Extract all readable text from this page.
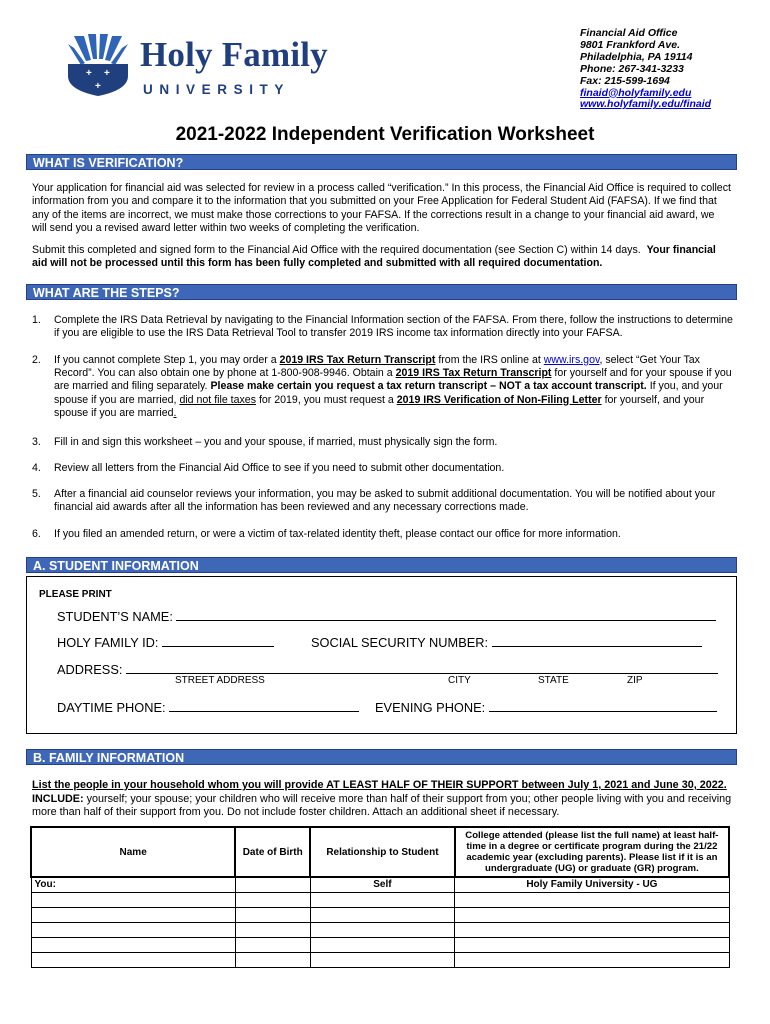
+ +
+
Holy Family
UNIVERSITY
Financial Aid Office
9801 Frankford Ave.
Philadelphia, PA 19114
Phone: 267-341-3233
Fax: 215-599-1694
finaid@holyfamily.edu
www.holyfamily.edu/finaid
2021-2022 Independent Verification Worksheet
WHAT IS VERIFICATION?
Your application for financial aid was selected for review in a process called “verification.” In this process, the Financial Aid Office is required to collect information from you and compare it to the information that you submitted on your Free Application for Federal Student Aid (FAFSA). If we find that any of the items are incorrect, we must make those corrections to your FAFSA. If the corrections result in a change to your financial aid award, we will send you a revised award letter within two weeks of completing the verification.
Submit this completed and signed form to the Financial Aid Office with the required documentation (see Section C) within 14 days. Your financial aid will not be processed until this form has been fully completed and submitted with all required documentation.
WHAT ARE THE STEPS?
1. Complete the IRS Data Retrieval by navigating to the Financial Information section of the FAFSA. From there, follow the instructions to determine if you are eligible to use the IRS Data Retrieval Tool to transfer 2019 IRS income tax information directly into your FAFSA.
2. If you cannot complete Step 1, you may order a 2019 IRS Tax Return Transcript from the IRS online at www.irs.gov, select “Get Your Tax Record”. You can also obtain one by phone at 1-800-908-9946. Obtain a 2019 IRS Tax Return Transcript for yourself and for your spouse if you are married and filing separately. Please make certain you request a tax return transcript – NOT a tax account transcript. If you, and your spouse if you are married, did not file taxes for 2019, you must request a 2019 IRS Verification of Non-Filing Letter for yourself, and your spouse if you are married.
3. Fill in and sign this worksheet – you and your spouse, if married, must physically sign the form.
4. Review all letters from the Financial Aid Office to see if you need to submit other documentation.
5. After a financial aid counselor reviews your information, you may be asked to submit additional documentation. You will be notified about your financial aid awards after all the information has been reviewed and any necessary corrections made.
6. If you filed an amended return, or were a victim of tax-related identity theft, please contact our office for more information.
A. STUDENT INFORMATION
PLEASE PRINT
STUDENT’S NAME:
HOLY FAMILY ID:	SOCIAL SECURITY NUMBER:
ADDRESS:
STREET ADDRESS	CITY	STATE	ZIP
DAYTIME PHONE:	EVENING PHONE:
B. FAMILY INFORMATION
List the people in your household whom you will provide AT LEAST HALF OF THEIR SUPPORT between July 1, 2021 and June 30, 2022. INCLUDE: yourself; your spouse; your children who will receive more than half of their support from you; other people living with you and receiving more than half of their support from you. Do not include foster children. Attach an additional sheet if necessary.
Name	Date of Birth	Relationship to Student	College attended (please list the full name) at least half-time in a degree or certificate program during the 21/22 academic year (excluding parents). Please list if it is an undergraduate (UG) or graduate (GR) program.
You:		Self	Holy Family University - UG
